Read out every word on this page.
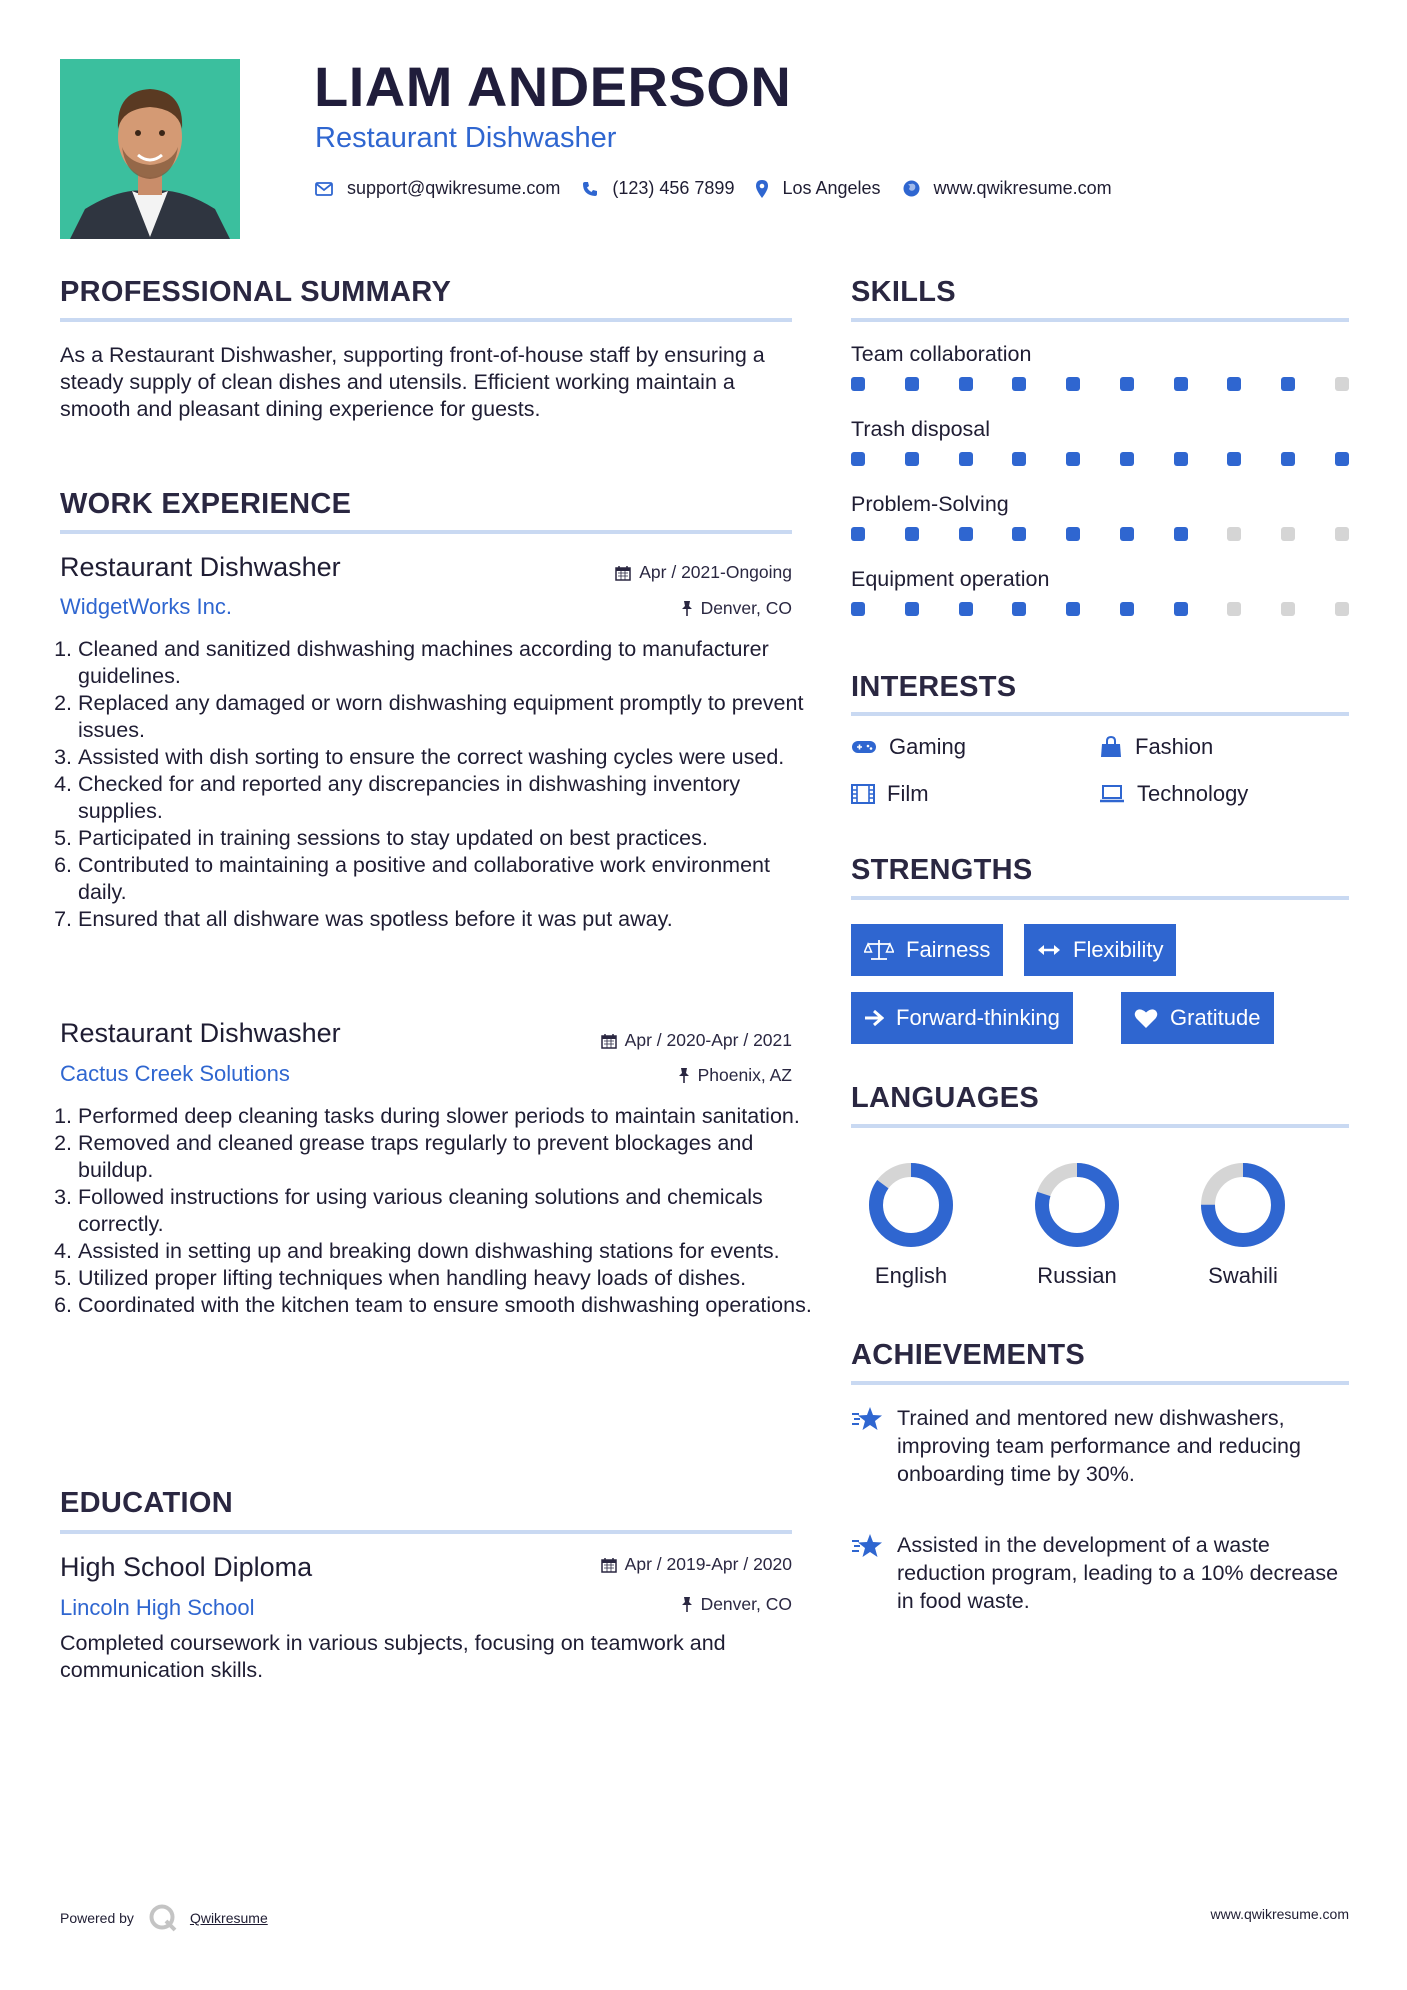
LIAM ANDERSON
Restaurant Dishwasher
support@qwikresume.com	(123) 456 7899	Los Angeles	www.qwikresume.com
PROFESSIONAL SUMMARY
As a Restaurant Dishwasher, supporting front-of-house staff by ensuring a steady supply of clean dishes and utensils. Efficient working maintain a smooth and pleasant dining experience for guests.
WORK EXPERIENCE
Restaurant Dishwasher	Apr / 2021-Ongoing
WidgetWorks Inc.	Denver, CO
1. Cleaned and sanitized dishwashing machines according to manufacturer guidelines.
2. Replaced any damaged or worn dishwashing equipment promptly to prevent issues.
3. Assisted with dish sorting to ensure the correct washing cycles were used.
4. Checked for and reported any discrepancies in dishwashing inventory supplies.
5. Participated in training sessions to stay updated on best practices.
6. Contributed to maintaining a positive and collaborative work environment daily.
7. Ensured that all dishware was spotless before it was put away.
Restaurant Dishwasher	Apr / 2020-Apr / 2021
Cactus Creek Solutions	Phoenix, AZ
1. Performed deep cleaning tasks during slower periods to maintain sanitation.
2. Removed and cleaned grease traps regularly to prevent blockages and buildup.
3. Followed instructions for using various cleaning solutions and chemicals correctly.
4. Assisted in setting up and breaking down dishwashing stations for events.
5. Utilized proper lifting techniques when handling heavy loads of dishes.
6. Coordinated with the kitchen team to ensure smooth dishwashing operations.
EDUCATION
High School Diploma	Apr / 2019-Apr / 2020
Lincoln High School	Denver, CO
Completed coursework in various subjects, focusing on teamwork and communication skills.
SKILLS
Team collaboration
Trash disposal
Problem-Solving
Equipment operation
INTERESTS
Gaming	Fashion
Film	Technology
STRENGTHS
Fairness	Flexibility
Forward-thinking	Gratitude
LANGUAGES
English	Russian	Swahili
ACHIEVEMENTS
Trained and mentored new dishwashers, improving team performance and reducing onboarding time by 30%.
Assisted in the development of a waste reduction program, leading to a 10% decrease in food waste.
Powered by	Qwikresume	www.qwikresume.com
